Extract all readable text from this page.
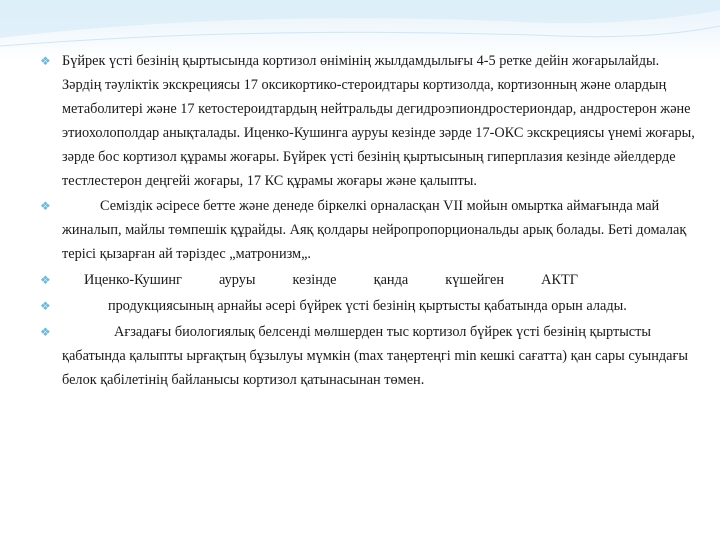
❖ Бүйрек үсті безінің қыртысында кортизол өнімінің жылдамдылығы 4-5 ретке дейін жоғарылайды. Зәрдің тәуліктік экскрециясы 17 оксикортико-стероидтары кортизолда, кортизонның және олардың метаболитері және 17 кетостероидтардың нейтральды дегидроэпиондростериондар, андростерон және этиохолополдар анықталады. Иценко-Кушинга ауруы кезінде зәрде 17-ОКС экскрециясы үнемі жоғары, зәрде бос кортизол құрамы жоғары. Бүйрек үсті безінің қыртысының гиперплазия кезінде әйелдерде тестлестерон деңгейі жоғары, 17 КС құрамы жоғары және қалыпты.
❖	Семіздік әсіресе бетте және денеде біркелкі орналасқан VII мойын омыртка аймағында май жиналып, майлы төмпешік құрайды. Аяқ қолдары нейропропорциональды арық болады. Беті домалақ терісі қызарған ай тәріздес „матронизм„.
❖ Иценко-Кушинг	ауруы	кезінде	қанда	күшейген	АКТГ
❖	продукциясының арнайы әсері бүйрек үсті безінің қыртысты қабатында орын алады.
❖	Ағзадағы биологиялық белсенді мөлшерден тыс кортизол бүйрек үсті безінің қыртысты қабатында қалыпты ырғақтың бұзылуы мүмкін (max таңертеңгі min кешкі сағатта) қан сары суындағы белок қабілетінің байланысы кортизол қатынасынан төмен.
